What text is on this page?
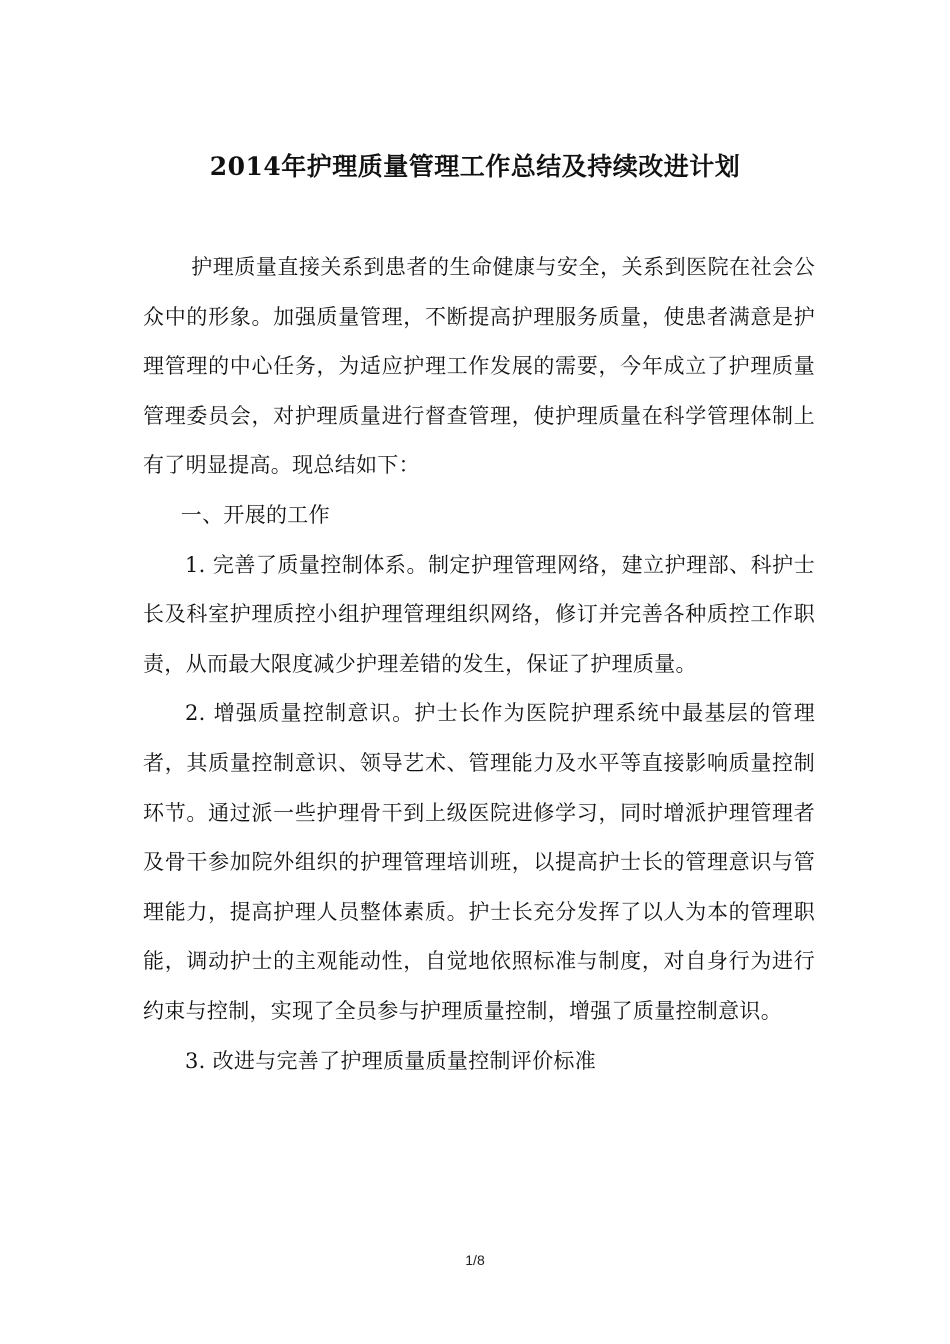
2014年护理质量管理工作总结及持续改进计划

护理质量直接关系到患者的生命健康与安全，关系到医院在社会公众中的形象。加强质量管理，不断提高护理服务质量，使患者满意是护理管理的中心任务，为适应护理工作发展的需要，今年成立了护理质量管理委员会，对护理质量进行督查管理，使护理质量在科学管理体制上有了明显提高。现总结如下：

一、开展的工作

1. 完善了质量控制体系。制定护理管理网络，建立护理部、科护士长及科室护理质控小组护理管理组织网络，修订并完善各种质控工作职责，从而最大限度减少护理差错的发生，保证了护理质量。

2. 增强质量控制意识。护士长作为医院护理系统中最基层的管理者，其质量控制意识、领导艺术、管理能力及水平等直接影响质量控制环节。通过派一些护理骨干到上级医院进修学习，同时增派护理管理者及骨干参加院外组织的护理管理培训班，以提高护士长的管理意识与管理能力，提高护理人员整体素质。护士长充分发挥了以人为本的管理职能，调动护士的主观能动性，自觉地依照标准与制度，对自身行为进行约束与控制，实现了全员参与护理质量控制，增强了质量控制意识。

3. 改进与完善了护理质量质量控制评价标准

1/8
